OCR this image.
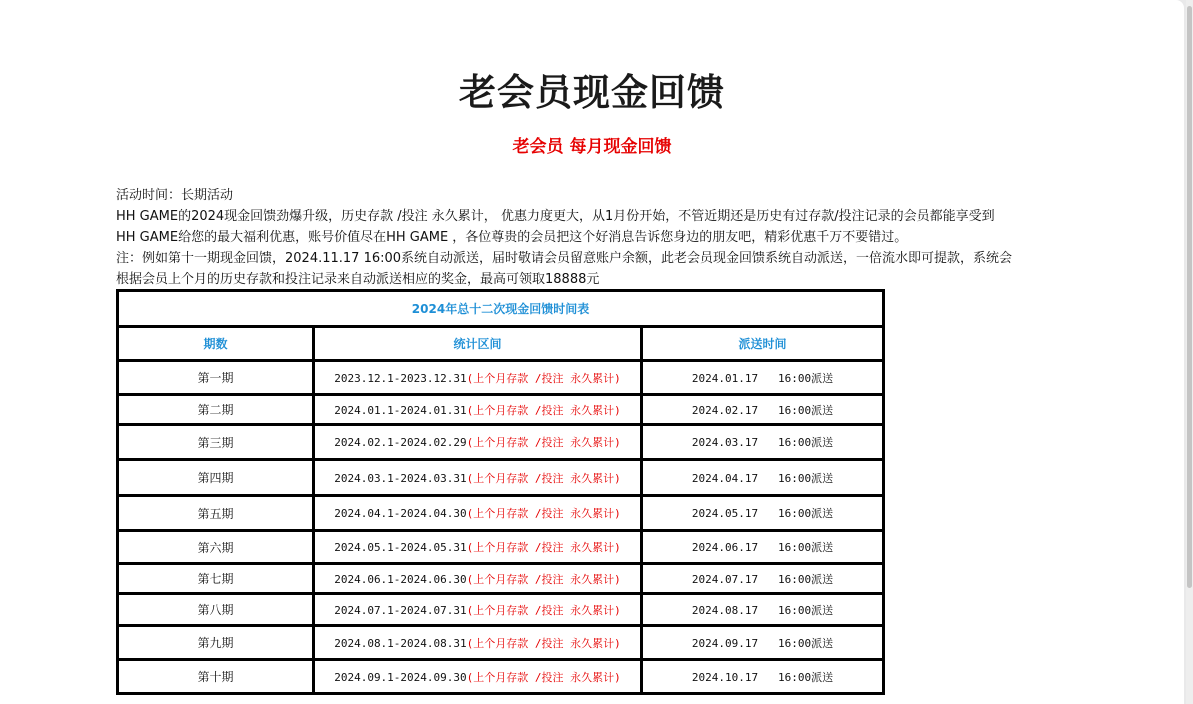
老会员现金回馈
老会员 每月现金回馈

活动时间：长期活动

HH GAME的2024现金回馈劲爆升级，历史存款 /投注 永久累计， 优惠力度更大，从1月份开始，不管近期还是历史有过存款/投注记录的会员都能享受到

HH GAME给您的最大福利优惠，账号价值尽在HH GAME ，各位尊贵的会员把这个好消息告诉您身边的朋友吧，精彩优惠千万不要错过。

注：例如第十一期现金回馈，2024.11.17 16:00系统自动派送，届时敬请会员留意账户余额，此老会员现金回馈系统自动派送，一倍流水即可提款，系统会

根据会员上个月的历史存款和投注记录来自动派送相应的奖金，最高可领取18888元

2024年总十二次现金回馈时间表		
期数	统计区间	派送时间
第一期	2023.12.1-2023.12.31(上个月存款 /投注 永久累计)	2024.01.17   16:00派送
第二期	2024.01.1-2024.01.31(上个月存款 /投注 永久累计)	2024.02.17   16:00派送
第三期	2024.02.1-2024.02.29(上个月存款 /投注 永久累计)	2024.03.17   16:00派送
第四期	2024.03.1-2024.03.31(上个月存款 /投注 永久累计)	2024.04.17   16:00派送
第五期	2024.04.1-2024.04.30(上个月存款 /投注 永久累计)	2024.05.17   16:00派送
第六期	2024.05.1-2024.05.31(上个月存款 /投注 永久累计)	2024.06.17   16:00派送
第七期	2024.06.1-2024.06.30(上个月存款 /投注 永久累计)	2024.07.17   16:00派送
第八期	2024.07.1-2024.07.31(上个月存款 /投注 永久累计)	2024.08.17   16:00派送
第九期	2024.08.1-2024.08.31(上个月存款 /投注 永久累计)	2024.09.17   16:00派送
第十期	2024.09.1-2024.09.30(上个月存款 /投注 永久累计)	2024.10.17   16:00派送
